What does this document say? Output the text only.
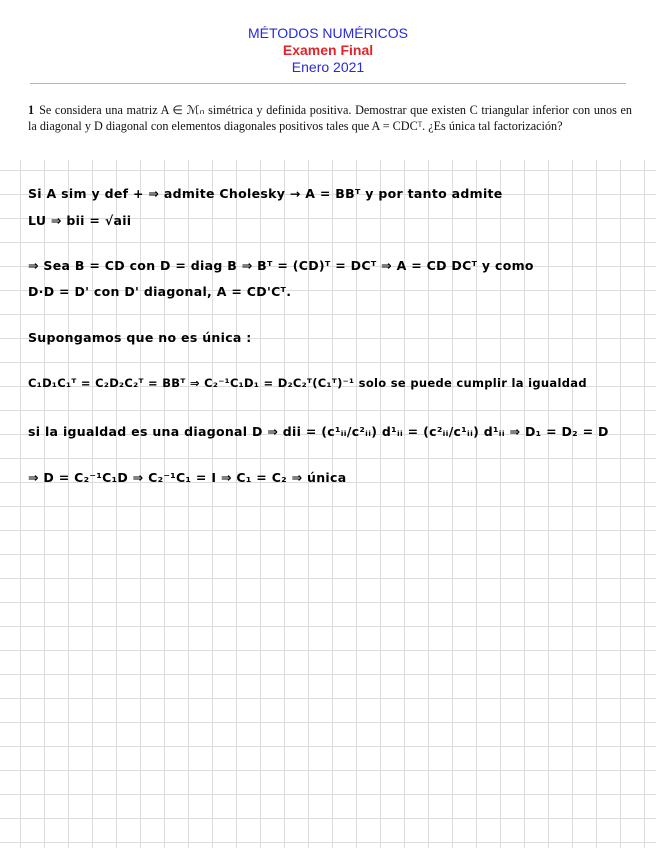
MÉTODOS NUMÉRICOS
Examen Final
Enero 2021
1 Se considera una matriz A ∈ ℳₙ simétrica y definida positiva. Demostrar que existen C triangular inferior con unos en la diagonal y D diagonal con elementos diagonales positivos tales que A = CDCᵀ. ¿Es única tal factorización?
Si A sim y def + ⇒ admite Cholesky → A = BBᵀ y por tanto admite
LU ⇒ bii = √aii
⇒ Sea B = CD con D = diag B ⇒ Bᵀ = (CD)ᵀ = DCᵀ ⇒ A = CD DCᵀ y como
D·D = D' con D' diagonal, A = CD'Cᵀ.
Supongamos que no es única :
C₁D₁C₁ᵀ = C₂D₂C₂ᵀ = BBᵀ ⇒ C₂⁻¹C₁D₁ = D₂C₂ᵀ(C₁ᵀ)⁻¹ solo se puede cumplir la igualdad
si la igualdad es una diagonal D ⇒ dii = (c¹ᵢᵢ/c²ᵢᵢ) d¹ᵢᵢ = (c²ᵢᵢ/c¹ᵢᵢ) d¹ᵢᵢ ⇒ D₁ = D₂ = D
⇒ D = C₂⁻¹C₁D ⇒ C₂⁻¹C₁ = I ⇒ C₁ = C₂ ⇒ única
